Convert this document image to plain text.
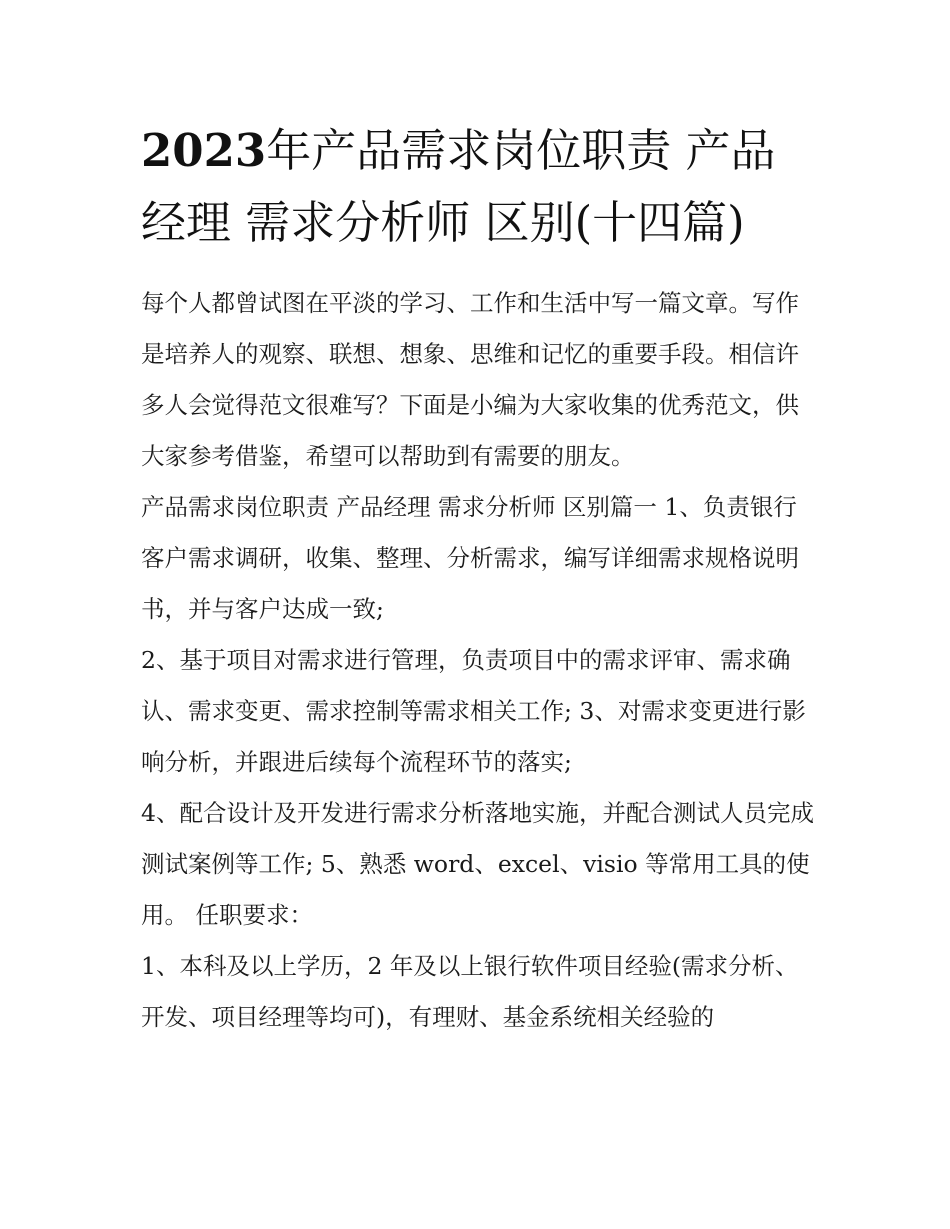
2023年产品需求岗位职责 产品经理 需求分析师 区别(十四篇)

每个人都曾试图在平淡的学习、工作和生活中写一篇文章。写作是培养人的观察、联想、想象、思维和记忆的重要手段。相信许多人会觉得范文很难写？下面是小编为大家收集的优秀范文，供大家参考借鉴，希望可以帮助到有需要的朋友。

产品需求岗位职责 产品经理 需求分析师 区别篇一 1、负责银行客户需求调研，收集、整理、分析需求，编写详细需求规格说明书，并与客户达成一致;

2、基于项目对需求进行管理，负责项目中的需求评审、需求确认、需求变更、需求控制等需求相关工作; 3、对需求变更进行影响分析，并跟进后续每个流程环节的落实;

4、配合设计及开发进行需求分析落地实施，并配合测试人员完成测试案例等工作; 5、熟悉 word、excel、visio 等常用工具的使用。 任职要求：

1、本科及以上学历，2 年及以上银行软件项目经验(需求分析、开发、项目经理等均可)，有理财、基金系统相关经验的
